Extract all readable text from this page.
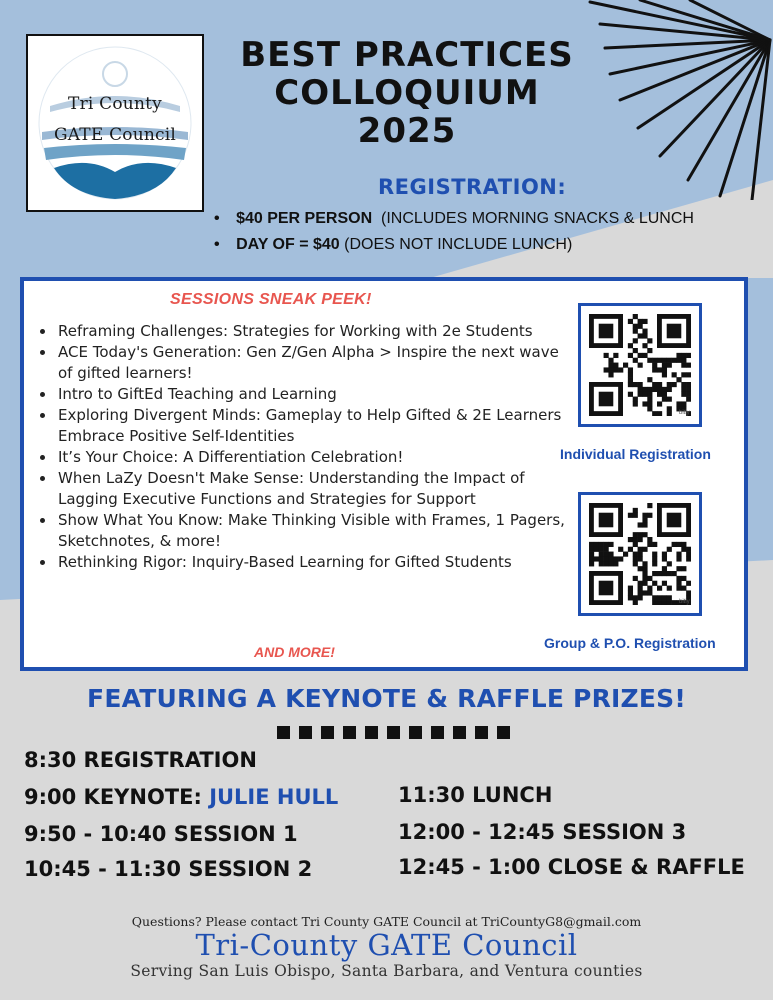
Tri County
GATE Council
BEST PRACTICES
COLLOQUIUM
2025
REGISTRATION:
• $40 PER PERSON (INCLUDES MORNING SNACKS & LUNCH
• DAY OF = $40 (DOES NOT INCLUDE LUNCH)
SESSIONS SNEAK PEEK!
• Reframing Challenges: Strategies for Working with 2e Students
• ACE Today's Generation: Gen Z/Gen Alpha > Inspire the next wave of gifted learners!
• Intro to GiftEd Teaching and Learning
• Exploring Divergent Minds: Gameplay to Help Gifted & 2E Learners Embrace Positive Self-Identities
• It’s Your Choice: A Differentiation Celebration!
• When LaZy Doesn't Make Sense: Understanding the Impact of Lagging Executive Functions and Strategies for Support
• Show What You Know: Make Thinking Visible with Frames, 1 Pagers, Sketchnotes, & more!
• Rethinking Rigor: Inquiry-Based Learning for Gifted Students
AND MORE!
bitly
Individual Registration
bitly
Group & P.O. Registration
FEATURING A KEYNOTE & RAFFLE PRIZES!
8:30 REGISTRATION
9:00 KEYNOTE: JULIE HULL
9:50 - 10:40 SESSION 1
10:45 - 11:30 SESSION 2
11:30 LUNCH
12:00 - 12:45 SESSION 3
12:45 - 1:00 CLOSE & RAFFLE
Questions? Please contact Tri County GATE Council at TriCountyG8@gmail.com
Tri-County GATE Council
Serving San Luis Obispo, Santa Barbara, and Ventura counties
